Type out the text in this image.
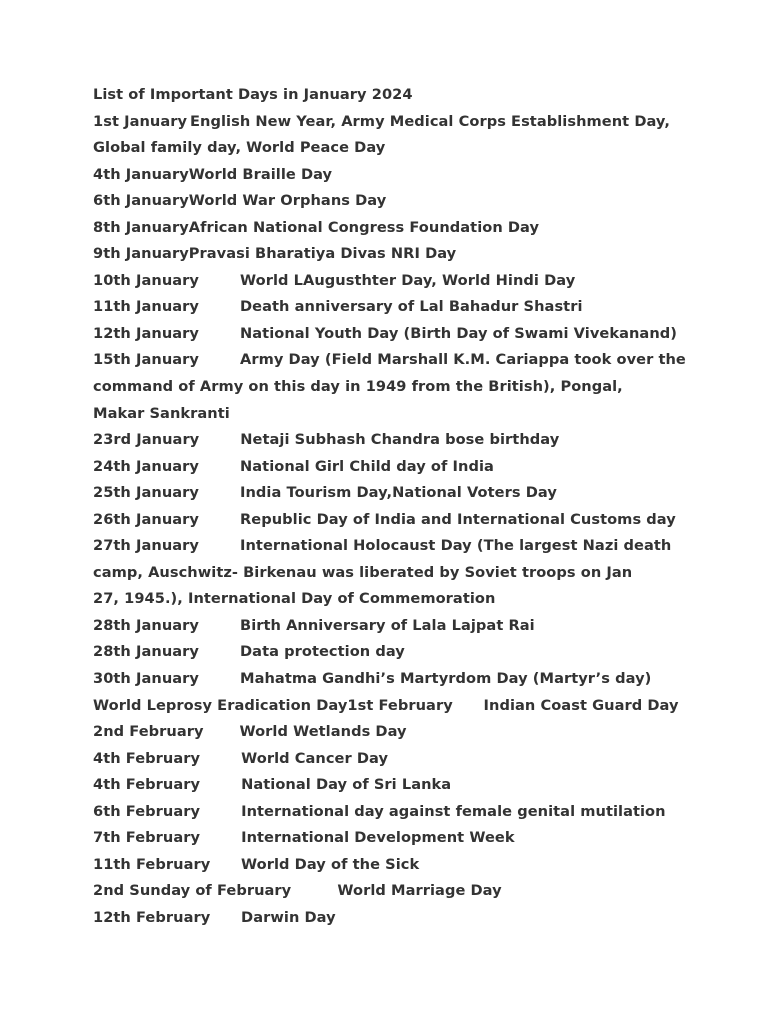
List of Important Days in January 2024
1st January English New Year, Army Medical Corps Establishment Day,
Global family day, World Peace Day
4th JanuaryWorld Braille Day
6th JanuaryWorld War Orphans Day
8th JanuaryAfrican National Congress Foundation Day
9th JanuaryPravasi Bharatiya Divas NRI Day
10th January        World LAugusthter Day, World Hindi Day
11th January        Death anniversary of Lal Bahadur Shastri
12th January        National Youth Day (Birth Day of Swami Vivekanand)
15th January        Army Day (Field Marshall K.M. Cariappa took over the
command of Army on this day in 1949 from the British), Pongal,
Makar Sankranti
23rd January        Netaji Subhash Chandra bose birthday
24th January        National Girl Child day of India
25th January        India Tourism Day,National Voters Day
26th January        Republic Day of India and International Customs day
27th January        International Holocaust Day (The largest Nazi death
camp, Auschwitz- Birkenau was liberated by Soviet troops on Jan
27, 1945.), International Day of Commemoration
28th January        Birth Anniversary of Lala Lajpat Rai
28th January        Data protection day
30th January        Mahatma Gandhi’s Martyrdom Day (Martyr’s day)
World Leprosy Eradication Day1st February      Indian Coast Guard Day
2nd February       World Wetlands Day
4th February        World Cancer Day
4th February        National Day of Sri Lanka
6th February        International day against female genital mutilation
7th February        International Development Week
11th February      World Day of the Sick
2nd Sunday of February         World Marriage Day
12th February      Darwin Day
